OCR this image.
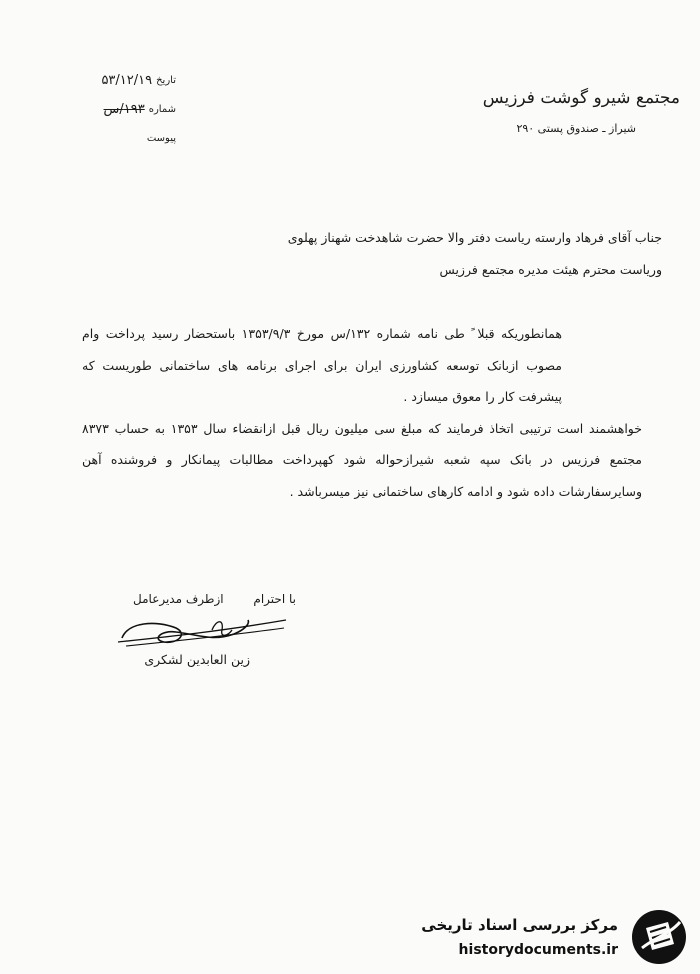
تاریخ
۵۳/۱۲/۱۹
شماره
۱۹۳/س
پیوست
مجتمع شیرو گوشت فرزیس
شیراز ـ صندوق پستی ۲۹۰
جناب آقای فرهاد وارسته ریاست دفتر والا حضرت شاهدخت شهناز پهلوی
وریاست محترم هیئت مدیره مجتمع فرزیس

همانطوریکه قبلا ً طی نامه شماره ۱۳۲/س مورخ ۱۳۵۳/۹/۳ باستحضار رسید پرداخت وام مصوب ازبانک توسعه کشاورزی ایران برای اجرای برنامه های ساختمانی طوریست که پیشرفت کار را معوق میسازد .

خواهشمند است ترتیبی اتخاذ فرمایند که مبلغ سی میلیون ریال قبل ازانقضاء سال ۱۳۵۳ به حساب ۸۳۷۳ مجتمع فرزیس در بانک سپه شعبه شیرازحواله شود کهپرداخت مطالبات پیمانکار و فروشنده آهن وسایرسفارشات داده شود و ادامه کارهای ساختمانی نیز میسرباشد .

با احترام ازطرف مدیرعامل
زین العابدین لشکری
مرکز بررسی اسناد تاریخی
historydocuments.ir
